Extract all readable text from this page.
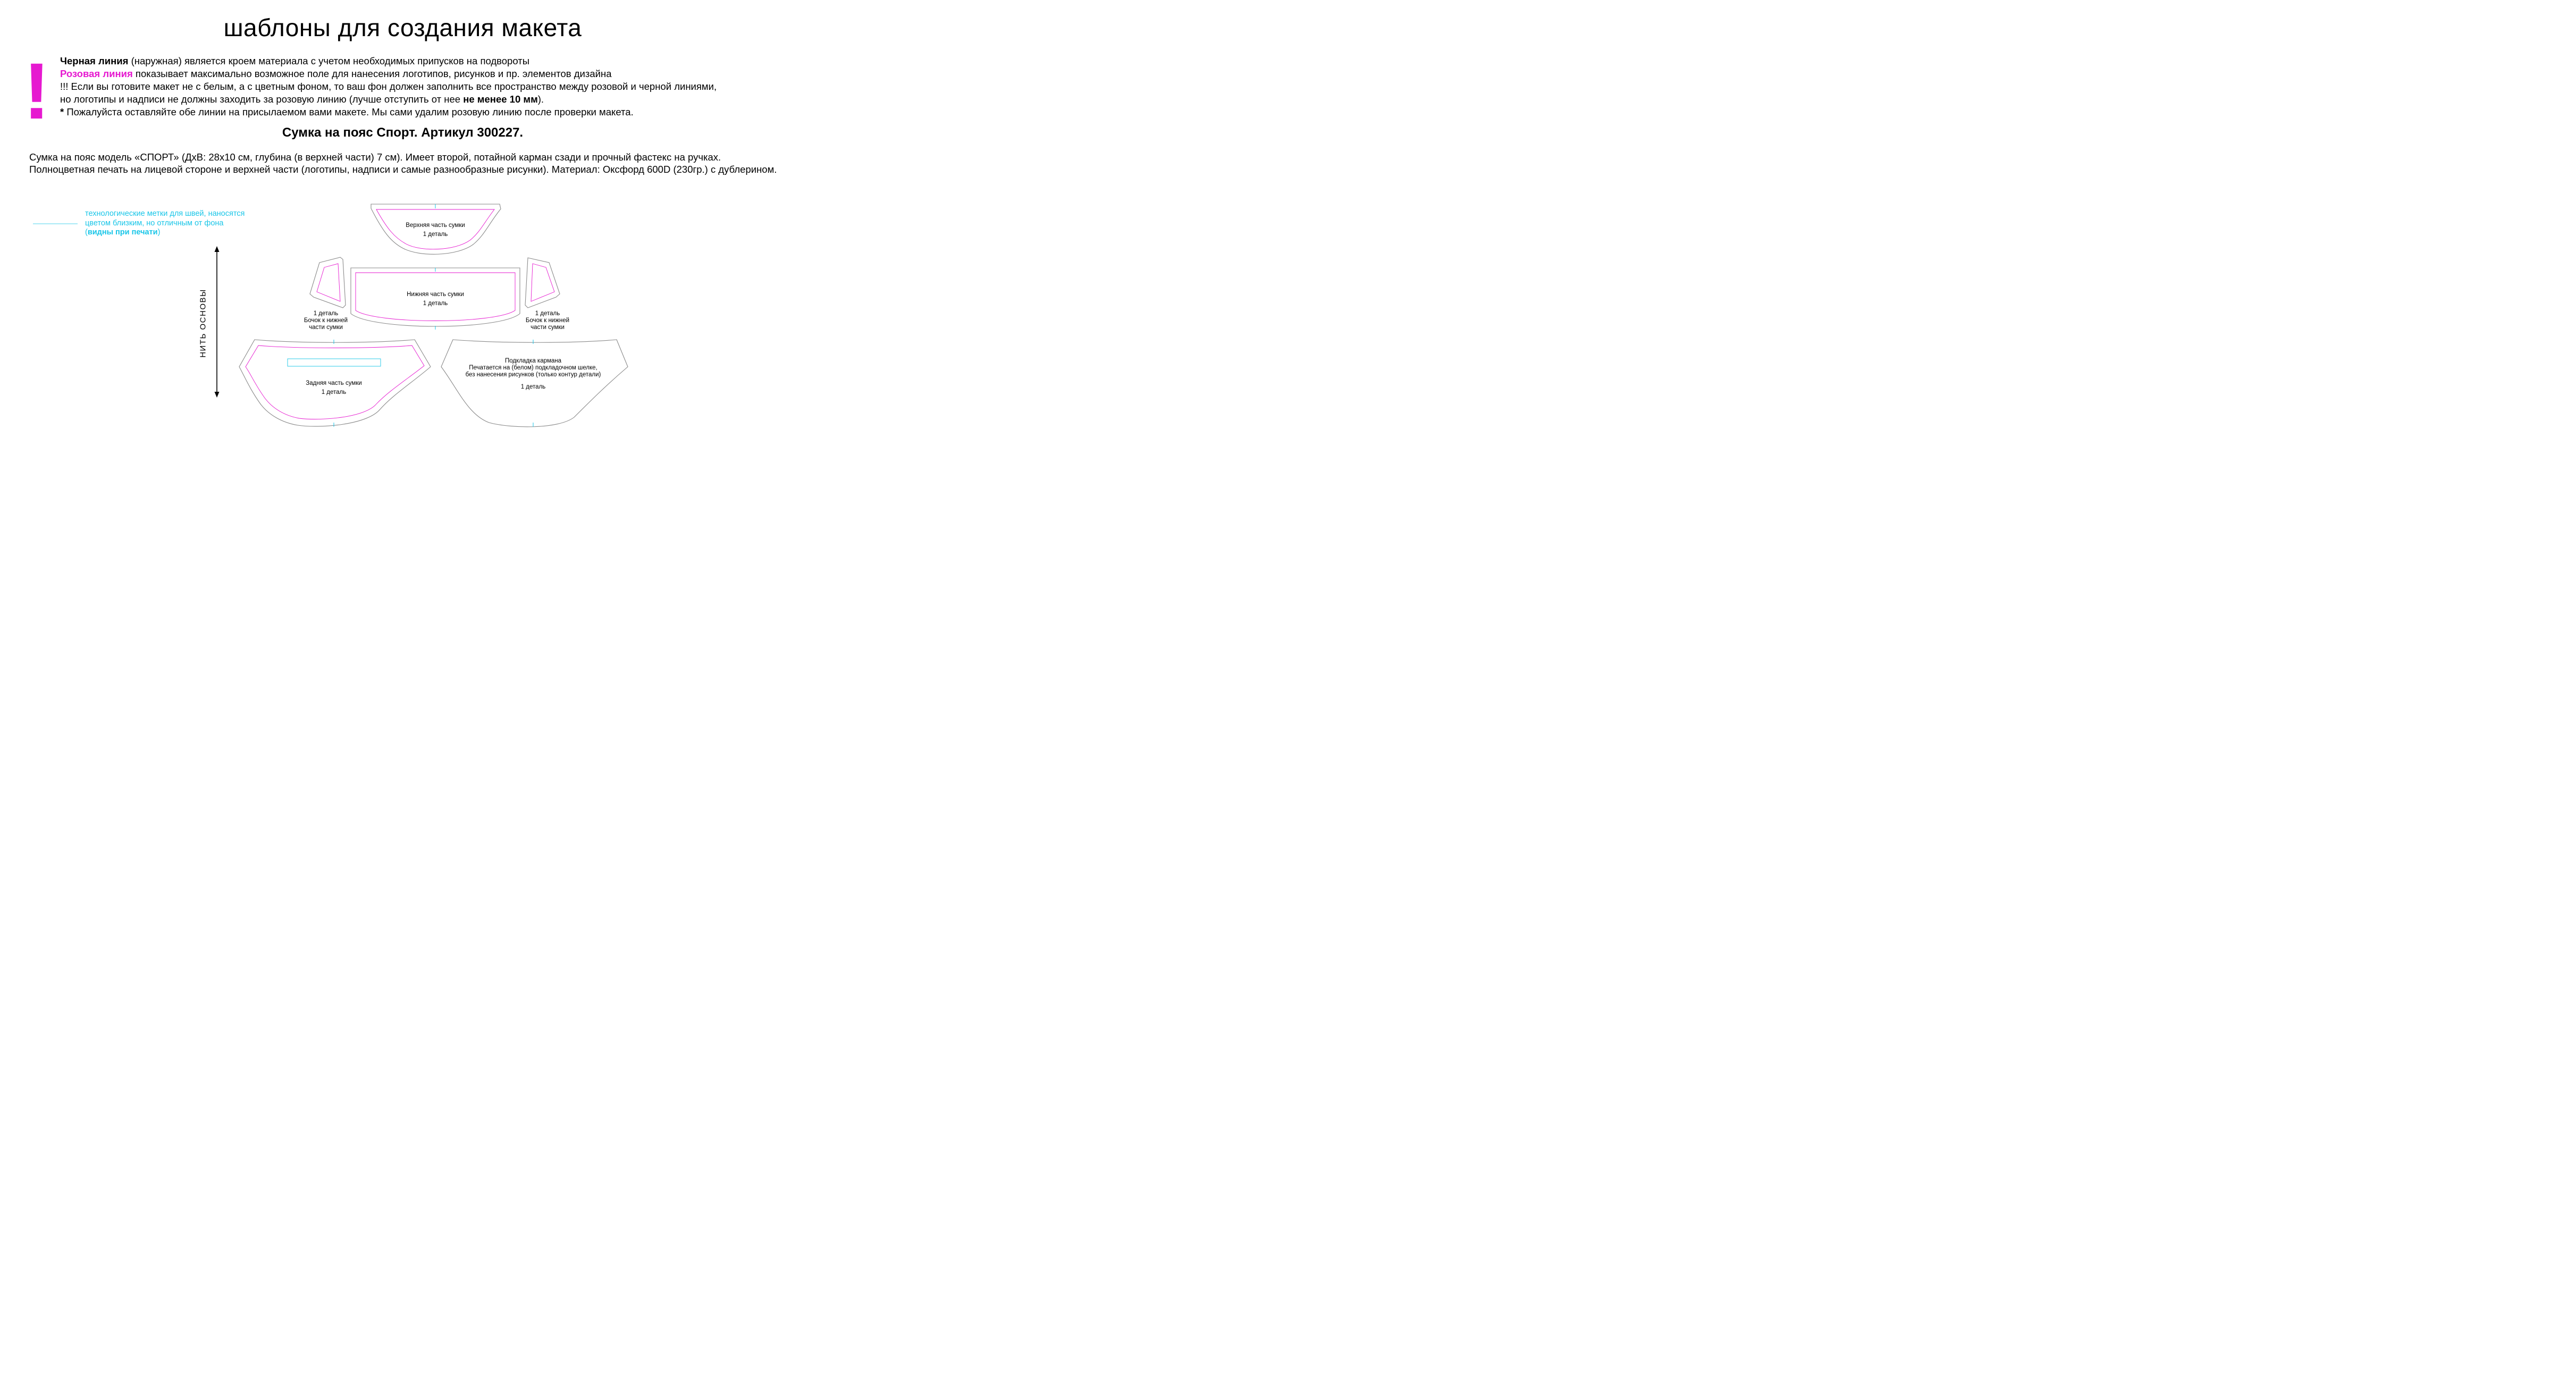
шаблоны для создания макета
! Черная линия (наружная) является кроем материала с учетом необходимых припусков на подвороты
Розовая линия показывает максимально возможное поле для нанесения логотипов, рисунков и пр. элементов дизайна
!!! Если вы готовите макет не с белым, а с цветным фоном, то ваш фон должен заполнить все пространство между розовой и черной линиями,
но логотипы и надписи не должны заходить за розовую линию (лучше отступить от нее не менее 10 мм).
* Пожалуйста оставляйте обе линии на присылаемом вами макете. Мы сами удалим розовую линию после проверки макета.
Сумка на пояс Спорт. Артикул 300227.
Сумка на пояс модель «СПОРТ» (ДхВ: 28х10 см, глубина (в верхней части) 7 см). Имеет второй, потайной карман сзади и прочный фастекс на ручках.
Полноцветная печать на лицевой стороне и верхней части (логотипы, надписи и самые разнообразные рисунки). Материал: Оксфорд 600D (230гр.) с дублерином.
технологические метки для швей, наносятся
цветом близким, но отличным от фона
(видны при печати)
НИТЬ ОСНОВЫ
Верхняя часть сумки
1 деталь
Нижняя часть сумки
1 деталь
1 деталь
Бочок к нижней
части сумки
1 деталь
Бочок к нижней
части сумки
Задняя часть сумки
1 деталь
Подкладка кармана
Печатается на (белом) подкладочном шелке,
без нанесения рисунков (только контур детали)
1 деталь
